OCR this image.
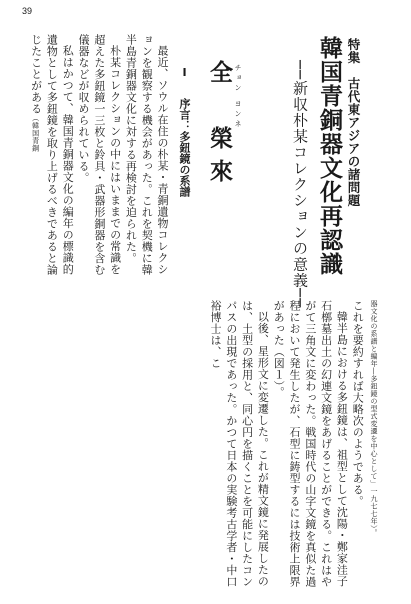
39
特集　古代東アジアの諸問題
韓国青銅器文化再認識
──新収朴某コレクションの意義──
チョン
ヨンネ
全　榮來
Ⅰ　序言：多鈕鏡の系譜

最近、ソウル在住の朴某・青銅遺物コレクションを観察する機会があった。これを契機に韓半島青銅器文化に対する再検討を迫られた。

朴某コレクションの中にはいままでの常識を超えた多鈕鏡一三枚と鈴具・武器形銅器を含む儀器などが収められている。

私はかつて、韓国青銅器文化の編年の標識的遺物として多鈕鏡を取り上げるべきであると論じたことがある（韓国青銅

器文化の系譜と編年―多鈕鏡の型式変遷を中心として」一九七七年）。

これを要約すれば大略次のようである。

韓半島における多鈕鏡は、祖型として沈陽・鄭家洼子石槨墓出土の幻連文鏡をあげることができる。これはやがて三角文に変わった。戦国時代の山字文鏡を真似た過程において発生したが、石型に鋳型するには技術上限界があった（図１）。

以後、星形文に変遷した。これが精文鏡に発展したのは、土型の採用と、同心円を描くことを可能にしたコンパスの出現であった。かつて日本の実験考古学者・中口裕博士は、こ
